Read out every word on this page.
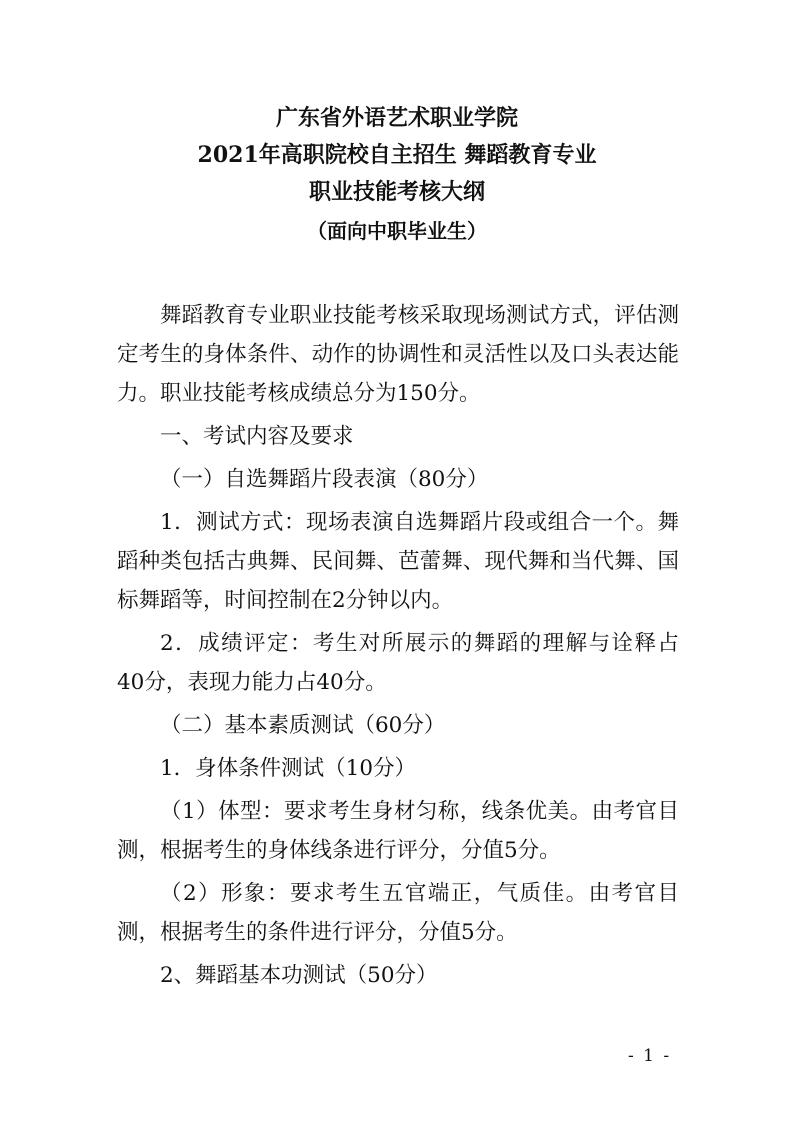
广东省外语艺术职业学院
2021年高职院校自主招生 舞蹈教育专业
职业技能考核大纲
（面向中职毕业生）

舞蹈教育专业职业技能考核采取现场测试方式，评估测定考生的身体条件、动作的协调性和灵活性以及口头表达能力。职业技能考核成绩总分为150分。

一、考试内容及要求

（一）自选舞蹈片段表演（80分）

1．测试方式：现场表演自选舞蹈片段或组合一个。舞蹈种类包括古典舞、民间舞、芭蕾舞、现代舞和当代舞、国标舞蹈等，时间控制在2分钟以内。

2．成绩评定：考生对所展示的舞蹈的理解与诠释占 40分，表现力能力占40分。

（二）基本素质测试（60分）

1．身体条件测试（10分）

（1）体型：要求考生身材匀称，线条优美。由考官目测，根据考生的身体线条进行评分，分值5分。

（2）形象：要求考生五官端正，气质佳。由考官目测，根据考生的条件进行评分，分值5分。

2、舞蹈基本功测试（50分）

- 1 -
